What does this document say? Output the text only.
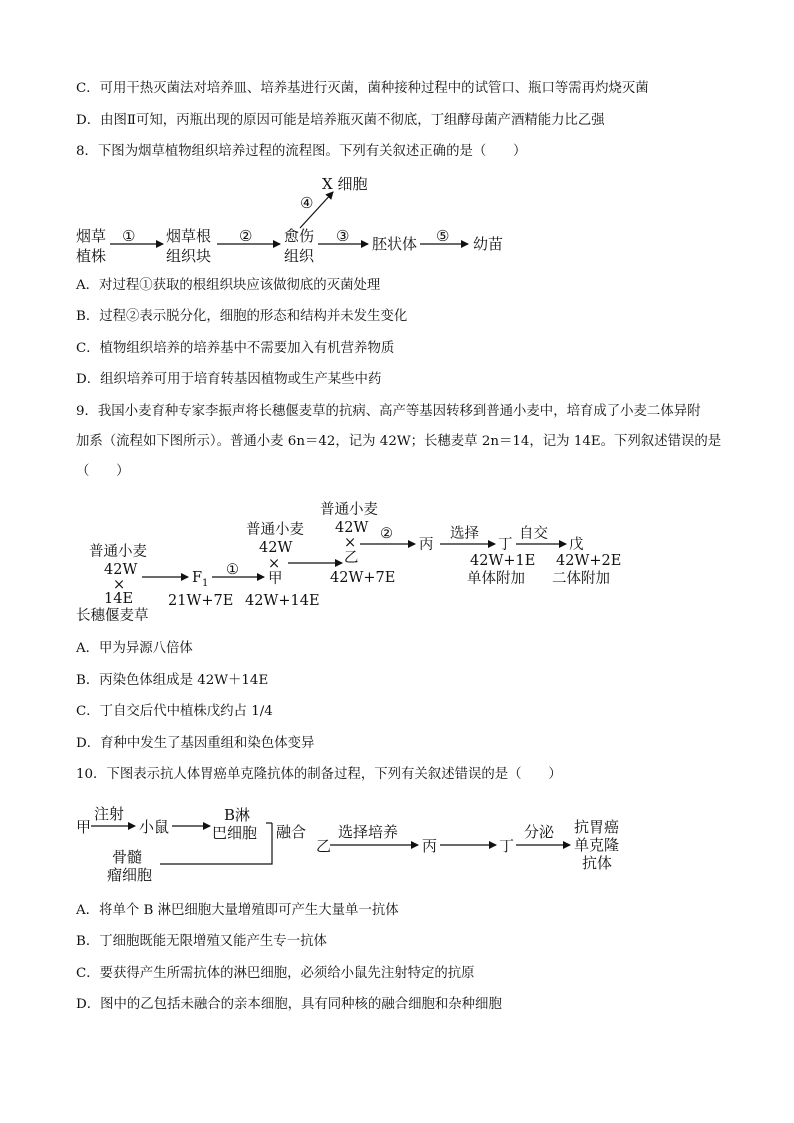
C．可用干热灭菌法对培养皿、培养基进行灭菌，菌种接种过程中的试管口、瓶口等需再灼烧灭菌
D．由图Ⅱ可知，丙瓶出现的原因可能是培养瓶灭菌不彻底，丁组酵母菌产酒精能力比乙强
8．下图为烟草植物组织培养过程的流程图。下列有关叙述正确的是（　　）
烟草
植株
① 烟草根
组织块
② 愈伤
组织
④
X 细胞
③ 胚状体 ⑤ 幼苗
A．对过程①获取的根组织块应该做彻底的灭菌处理
B．过程②表示脱分化，细胞的形态和结构并未发生变化
C．植物组织培养的培养基中不需要加入有机营养物质
D．组织培养可用于培育转基因植物或生产某些中药
9．我国小麦育种专家李振声将长穗偃麦草的抗病、高产等基因转移到普通小麦中，培育成了小麦二体异附
加系（流程如下图所示）。普通小麦 6n＝42，记为 42W；长穗麦草 2n＝14，记为 14E。下列叙述错误的是
（　　）
普通小麦
42W
×
14E
长穗偃麦草
F 1
21W+7E
①
普通小麦
42W
×
甲
42W+14E
普通小麦
42W
×
乙
42W+7E
②
丙
选择
丁
42W+1E
单体附加
自交
戊
42W+2E
二体附加
A．甲为异源八倍体
B．丙染色体组成是 42W＋14E
C．丁自交后代中植株戊约占 1/4
D．育种中发生了基因重组和染色体变异
10．下图表示抗人体胃癌单克隆抗体的制备过程，下列有关叙述错误的是（　　）
甲
注射
小鼠
B淋
巴细胞
骨髓
瘤细胞
融合
乙
选择培养
丙	丁
分泌 抗胃癌
单克隆
抗体
A．将单个 B 淋巴细胞大量增殖即可产生大量单一抗体
B．丁细胞既能无限增殖又能产生专一抗体
C．要获得产生所需抗体的淋巴细胞，必须给小鼠先注射特定的抗原
D．图中的乙包括未融合的亲本细胞，具有同种核的融合细胞和杂种细胞
